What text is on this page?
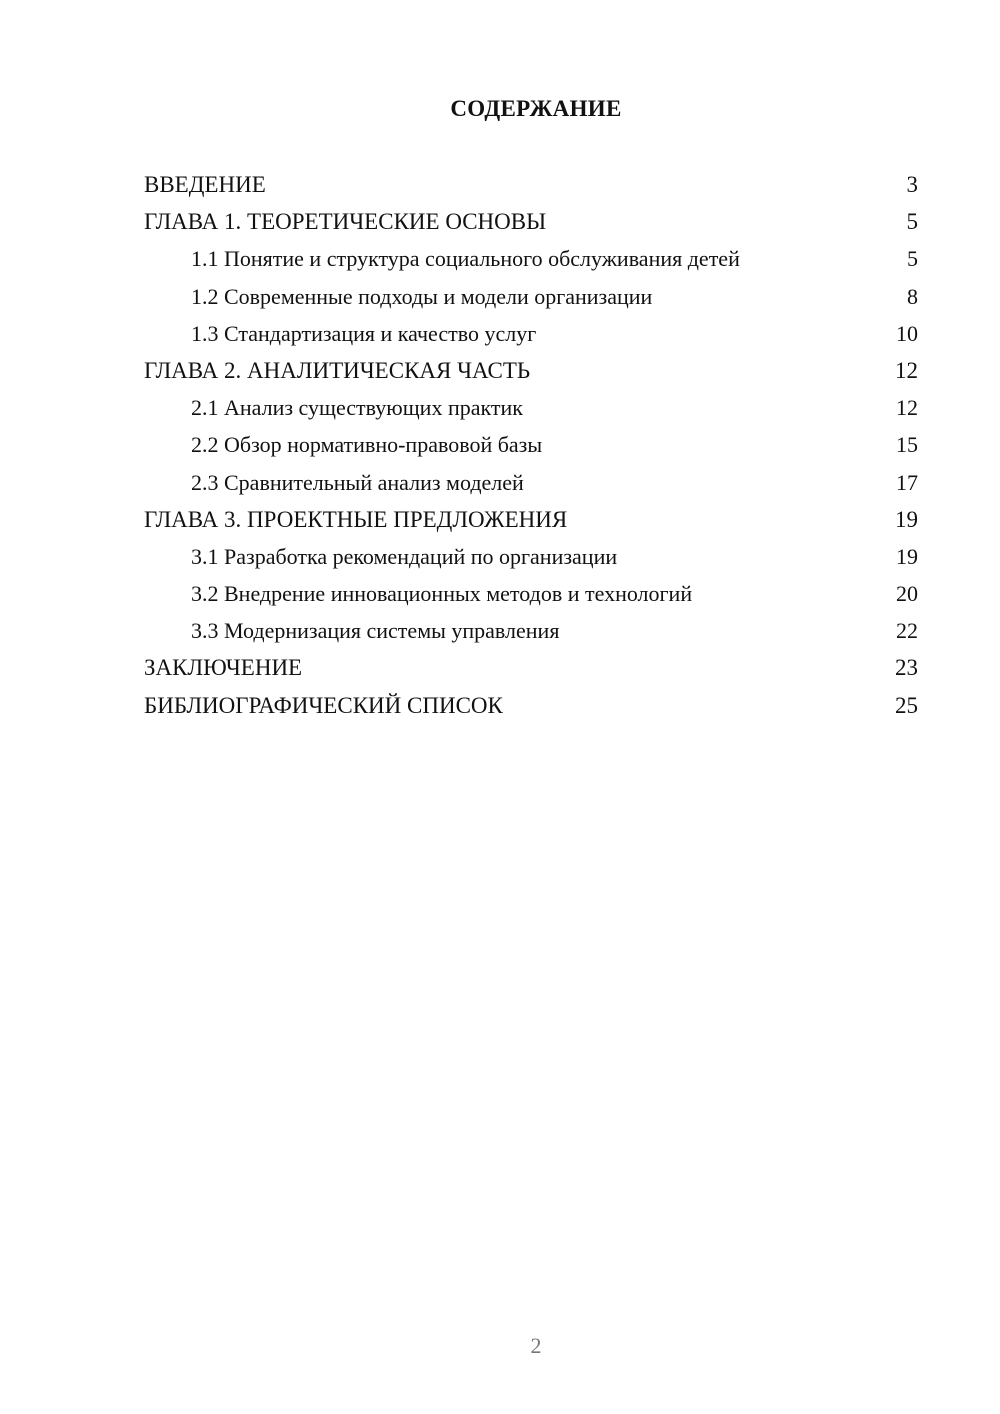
СОДЕРЖАНИЕ
ВВЕДЕНИЕ	3
ГЛАВА 1. ТЕОРЕТИЧЕСКИЕ ОСНОВЫ	5
1.1 Понятие и структура социального обслуживания детей	5
1.2 Современные подходы и модели организации	8
1.3 Стандартизация и качество услуг	10
ГЛАВА 2. АНАЛИТИЧЕСКАЯ ЧАСТЬ	12
2.1 Анализ существующих практик	12
2.2 Обзор нормативно-правовой базы	15
2.3 Сравнительный анализ моделей	17
ГЛАВА 3. ПРОЕКТНЫЕ ПРЕДЛОЖЕНИЯ	19
3.1 Разработка рекомендаций по организации	19
3.2 Внедрение инновационных методов и технологий	20
3.3 Модернизация системы управления	22
ЗАКЛЮЧЕНИЕ	23
БИБЛИОГРАФИЧЕСКИЙ СПИСОК	25
2
